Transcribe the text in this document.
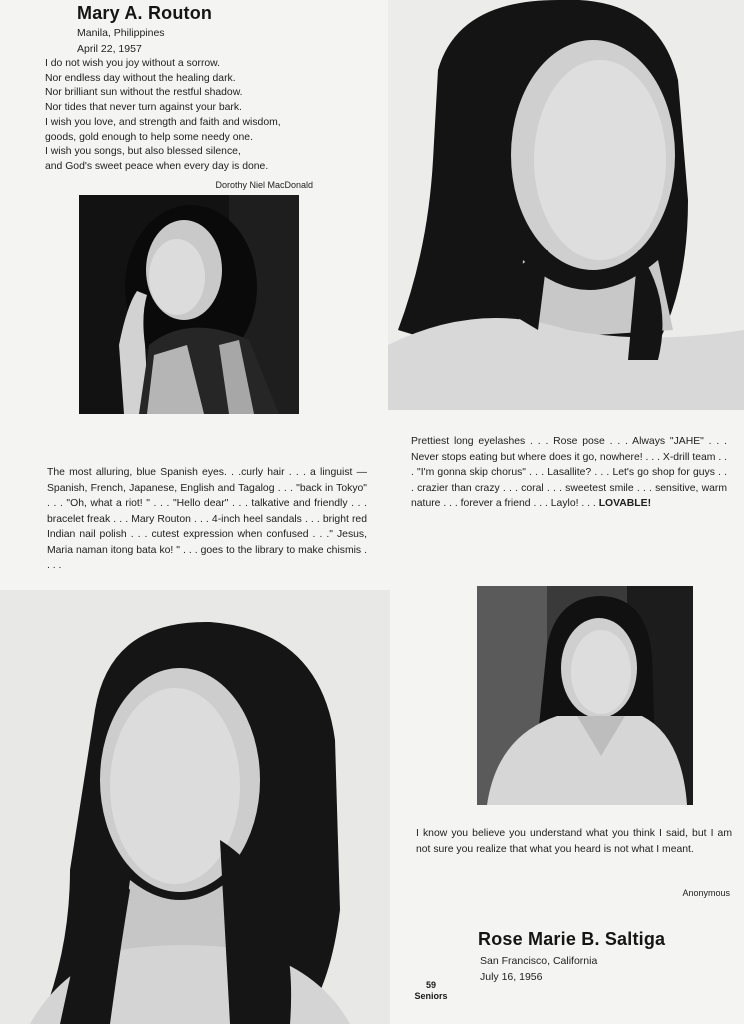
Mary A. Routon
Manila, Philippines
April 22, 1957
I do not wish you joy without a sorrow.
Nor endless day without the healing dark.
Nor brilliant sun without the restful shadow.
Nor tides that never turn against your bark.
I wish you love, and strength and faith and wisdom,
goods, gold enough to help some needy one.
I wish you songs, but also blessed silence,
and God's sweet peace when every day is done.
Dorothy Niel MacDonald
The most alluring, blue Spanish eyes. . .curly hair . . . a linguist — Spanish, French, Japanese, English and Tagalog . . . "back in Tokyo" . . . "Oh, what a riot! " . . . "Hello dear" . . . talkative and friendly . . . bracelet freak . . . Mary Routon . . . 4-inch heel sandals . . . bright red Indian nail polish . . . cutest expression when confused . . ." Jesus, Maria naman itong bata ko! " . . . goes to the library to make chismis . . . .
Prettiest long eyelashes . . . Rose pose . . . Always "JAHE" . . . Never stops eating but where does it go, nowhere! . . . X-drill team . . . "I'm gonna skip chorus" . . . Lasallite? . . . Let's go shop for guys . . . crazier than crazy . . . coral . . . sweetest smile . . . sensitive, warm nature . . . forever a friend . . . Laylo! . . . LOVABLE!
I know you believe you understand what you think I said, but I am not sure you realize that what you heard is not what I meant.
Anonymous
Rose Marie B. Saltiga
San Francisco, California
July 16, 1956
59
Seniors
